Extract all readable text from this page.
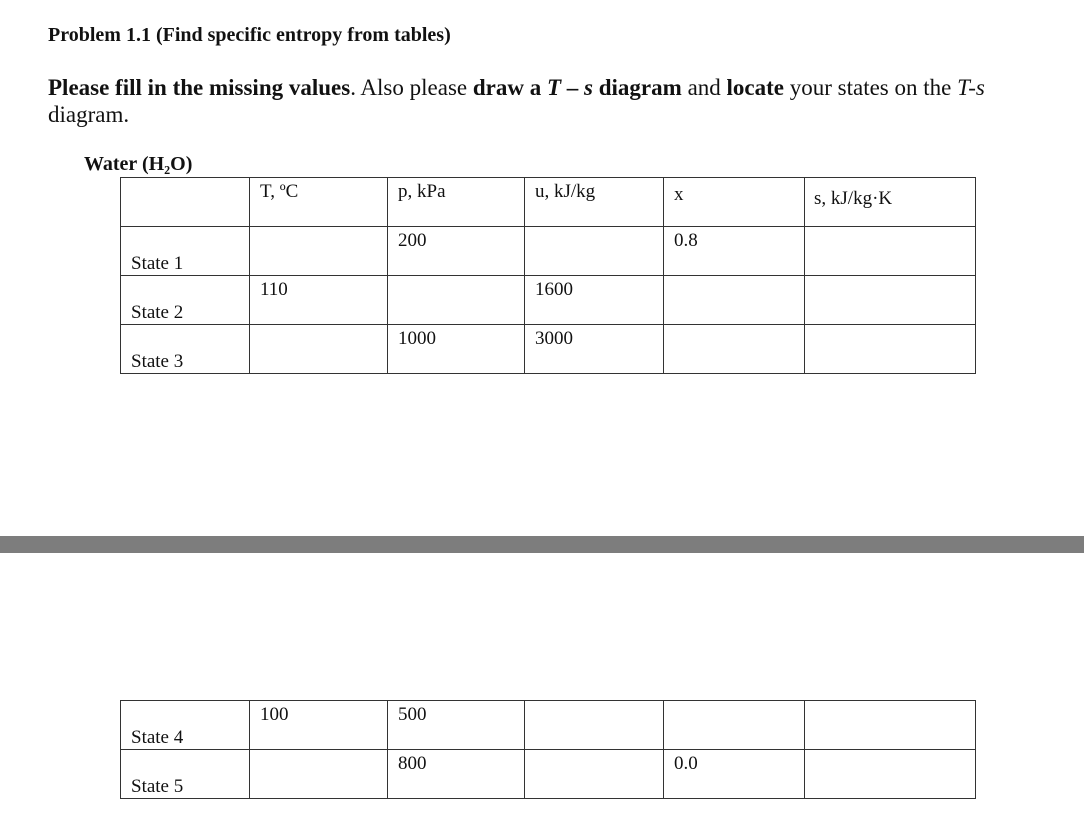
Problem 1.1 (Find specific entropy from tables)
Please fill in the missing values. Also please draw a T – s diagram and locate your states on the T-s diagram.
Water (H₂O)

	T, ºC	p, kPa	u, kJ/kg	x	s, kJ/kg·K

State 1		200		0.8	

State 2	110		1600		

State 3		1000	3000		

State 4	100	500			

State 5		800		0.0	
